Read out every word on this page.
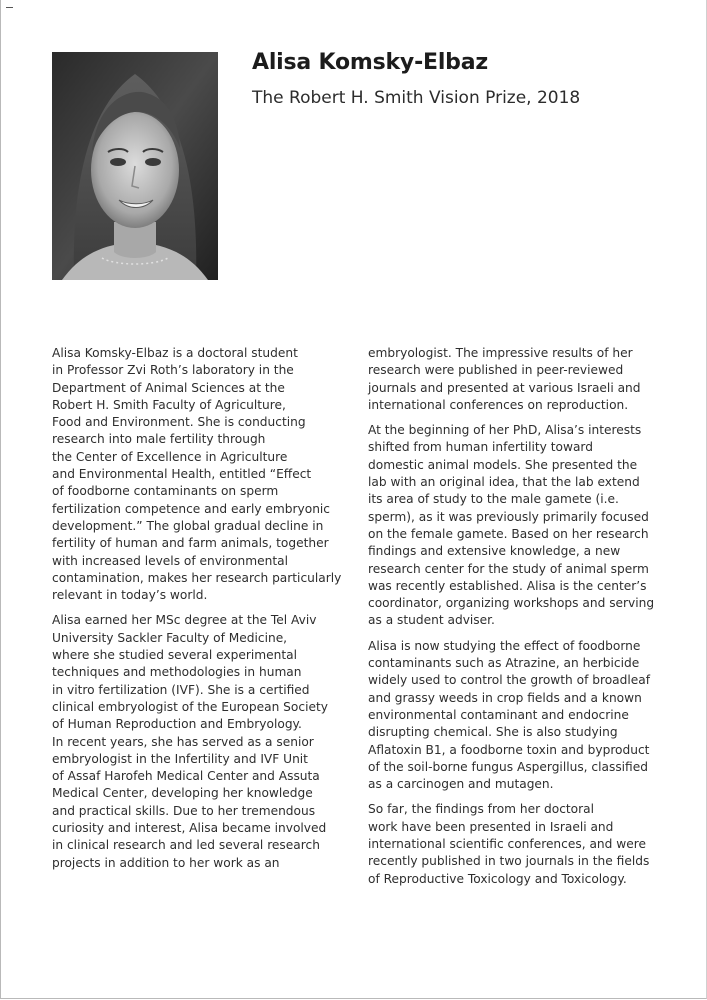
Alisa Komsky-Elbaz
The Robert H. Smith Vision Prize, 2018
Alisa Komsky-Elbaz is a doctoral student
in Professor Zvi Roth’s laboratory in the
Department of Animal Sciences at the
Robert H. Smith Faculty of Agriculture,
Food and Environment. She is conducting
research into male fertility through
the Center of Excellence in Agriculture
and Environmental Health, entitled “Effect
of foodborne contaminants on sperm
fertilization competence and early embryonic
development.” The global gradual decline in
fertility of human and farm animals, together
with increased levels of environmental
contamination, makes her research particularly
relevant in today’s world.
Alisa earned her MSc degree at the Tel Aviv
University Sackler Faculty of Medicine,
where she studied several experimental
techniques and methodologies in human
in vitro fertilization (IVF). She is a certified
clinical embryologist of the European Society
of Human Reproduction and Embryology.
In recent years, she has served as a senior
embryologist in the Infertility and IVF Unit
of Assaf Harofeh Medical Center and Assuta
Medical Center, developing her knowledge
and practical skills. Due to her tremendous
curiosity and interest, Alisa became involved
in clinical research and led several research
projects in addition to her work as an
embryologist. The impressive results of her
research were published in peer-reviewed
journals and presented at various Israeli and
international conferences on reproduction.
At the beginning of her PhD, Alisa’s interests
shifted from human infertility toward
domestic animal models. She presented the
lab with an original idea, that the lab extend
its area of study to the male gamete (i.e.
sperm), as it was previously primarily focused
on the female gamete. Based on her research
findings and extensive knowledge, a new
research center for the study of animal sperm
was recently established. Alisa is the center’s
coordinator, organizing workshops and serving
as a student adviser.
Alisa is now studying the effect of foodborne
contaminants such as Atrazine, an herbicide
widely used to control the growth of broadleaf
and grassy weeds in crop fields and a known
environmental contaminant and endocrine
disrupting chemical. She is also studying
Aflatoxin B1, a foodborne toxin and byproduct
of the soil-borne fungus Aspergillus, classified
as a carcinogen and mutagen.
So far, the findings from her doctoral
work have been presented in Israeli and
international scientific conferences, and were
recently published in two journals in the fields
of Reproductive Toxicology and Toxicology.
